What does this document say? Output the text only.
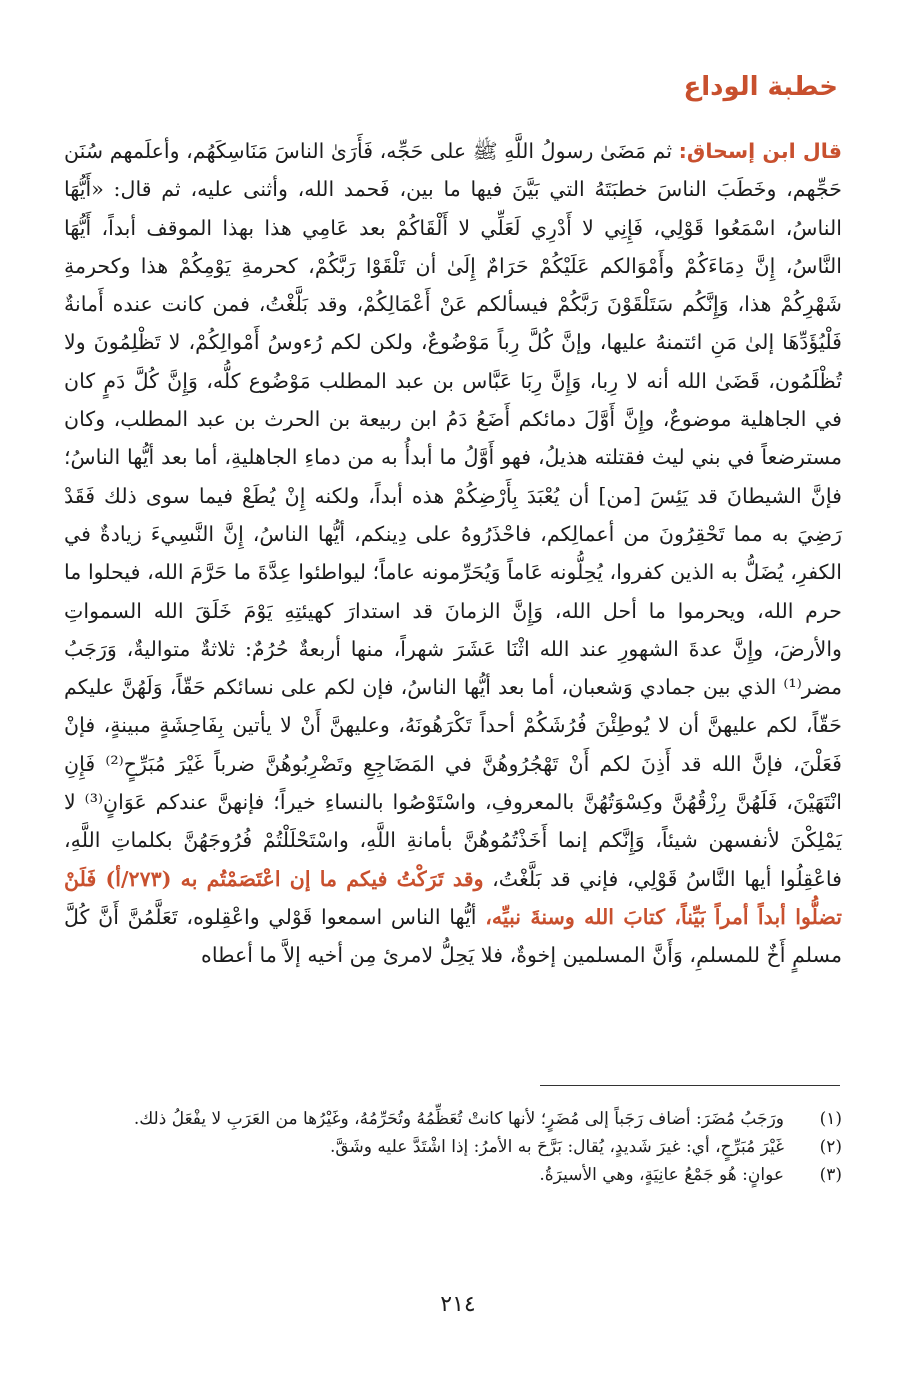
خطبة الوداع

قال ابن إسحاق: ثم مَضَىٰ رسولُ اللَّهِ ﷺ على حَجِّه، فَأَرَىٰ الناسَ مَنَاسِكَهُم، وأعلَمهم سُنَن حَجِّهم، وخَطَبَ الناسَ خطبَتَهُ التي بَيَّنَ فيها ما بين، فَحمد الله، وأثنى عليه، ثم قال: «أَيُّهَا الناسُ، اسْمَعُوا قَوْلِي، فَإِنِي لا أَدْرِي لَعَلِّي لا أَلْقَاكُمْ بعد عَامِي هذا بهذا الموقف أبداً، أَيُّهَا النَّاسُ، إِنَّ دِمَاءَكُمْ وأَمْوَالكم عَلَيْكُمْ حَرَامٌ إِلَىٰ أن تَلْقَوْا رَبَّكُمْ، كحرمةِ يَوْمِكُمْ هذا وكحرمةِ شَهْرِكُمْ هذا، وَإِنَّكُم سَتَلْقَوْنَ رَبَّكُمْ فيسألكم عَنْ أَعْمَالِكُمْ، وقد بَلَّغْتُ، فمن كانت عنده أَمانةٌ فَلْيُؤَدِّهَا إلىٰ مَنِ ائتمنهُ عليها، وإنَّ كُلَّ رِباً مَوْضُوعٌ، ولكن لكم رُءوسُ أَمْوالِكُمْ، لا تَظْلِمُونَ ولا تُظْلَمُون، قَضَىٰ الله أنه لا رِبا، وَإِنَّ رِبَا عَبَّاس بن عبد المطلب مَوْضُوع كلُّه، وَإِنَّ كُلَّ دَمٍ كان في الجاهلية موضوعٌ، وإِنَّ أَوَّلَ دمائكم أَضَعُ دَمُ ابن ربيعة بن الحرث بن عبد المطلب، وكان مسترضعاً في بني ليث فقتلته هذيلُ، فهو أَوَّلُ ما أبدأُ به من دماءِ الجاهليةِ، أما بعد أيُّها الناسُ؛ فإنَّ الشيطانَ قد يَئِسَ [من] أن يُعْبَدَ بِأَرْضِكُمْ هذه أبداً، ولكنه إِنْ يُطَعْ فيما سوى ذلك فَقَدْ رَضِيَ به مما تَحْقِرُونَ من أعمالِكم، فاحْذَرُوهُ على دِينكم، أيُّها الناسُ، إِنَّ النَّسِيءَ زيادةٌ في الكفرِ، يُضَلُّ به الذين كفروا، يُحِلُّونه عَاماً وَيُحَرِّمونه عاماً؛ ليواطئوا عِدَّةَ ما حَرَّمَ الله، فيحلوا ما حرم الله، ويحرموا ما أحل الله، وَإِنَّ الزمانَ قد استدارَ كهيئتِهِ يَوْمَ خَلَقَ الله السمواتِ والأرضَ، وإِنَّ عدةَ الشهورِ عند الله اثْنَا عَشَرَ شهراً، منها أربعةٌ حُرُمٌ: ثلاثةٌ متواليةٌ، وَرَجَبُ مضر⁽¹⁾ الذي بين جمادي وَشعبان، أما بعد أيُّها الناسُ، فإن لكم على نسائكم حَقّاً، وَلَهُنَّ عليكم حَقّاً، لكم عليهنَّ أن لا يُوطِئْنَ فُرُشَكُمْ أحداً تَكْرَهُونَهُ، وعليهنَّ أَنْ لا يأتين بِفَاحِشَةٍ مبينةٍ، فإنْ فَعَلْنَ، فإنَّ الله قد أَذِنَ لكم أَنْ تَهْجُرُوهُنَّ في المَضَاجِعِ وتَضْرِبُوهُنَّ ضرباً غَيْرَ مُبَرِّحٍ⁽²⁾ فَإِنِ انْتَهَيْنَ، فَلَهُنَّ رِزْقُهُنَّ وكِسْوَتُهُنَّ بالمعروفِ، واسْتَوْصُوا بالنساءِ خيراً؛ فإنهنَّ عندكم عَوَانٍ⁽³⁾ لا يَمْلِكْنَ لأنفسهن شيئاً، وَإِنَّكم إنما أَخَذْتُمُوهُنَّ بأمانةِ اللَّهِ، واسْتَحْلَلْتُمْ فُرُوجَهُنَّ بكلماتِ اللَّهِ، فاعْقِلُوا أيها النَّاسُ قَوْلِي، فإني قد بَلَّغْتُ، وقد تَرَكْتُ فيكم ما إن اعْتَصَمْتُم به (٢٧٣/أ) فَلَنْ تضلُّوا أبداً أمراً بَيِّناً، كتابَ الله وسنةَ نبيِّه، أيُّها الناس اسمعوا قَوْلي واعْقِلوه، تَعَلَّمُنَّ أَنَّ كُلَّ مسلمٍ أَخٌ للمسلمِ، وَأَنَّ المسلمين إخوةٌ، فلا يَحِلُّ لامرئ مِن أخيه إلاَّ ما أعطاه

(١)
ورَجَبُ مُضَرَ: أضاف رَجَباً إلى مُضَرٍ؛ لأنها كانتْ تُعَظِّمُهُ وتُحَرِّمُهُ، وغَيْرُها من العَرَبِ لا يفْعَلُ ذلك.
(٢)
غَيْرَ مُبَرِّحٍ، أي: غيرَ شَديدٍ، يُقال: بَرَّحَ به الأمرُ: إذا اشْتَدَّ عليه وشَقَّ.
(٣)
عوانٍ: هُو جَمْعُ عانِيَةٍ، وهي الأسيرَةُ.
٢١٤
